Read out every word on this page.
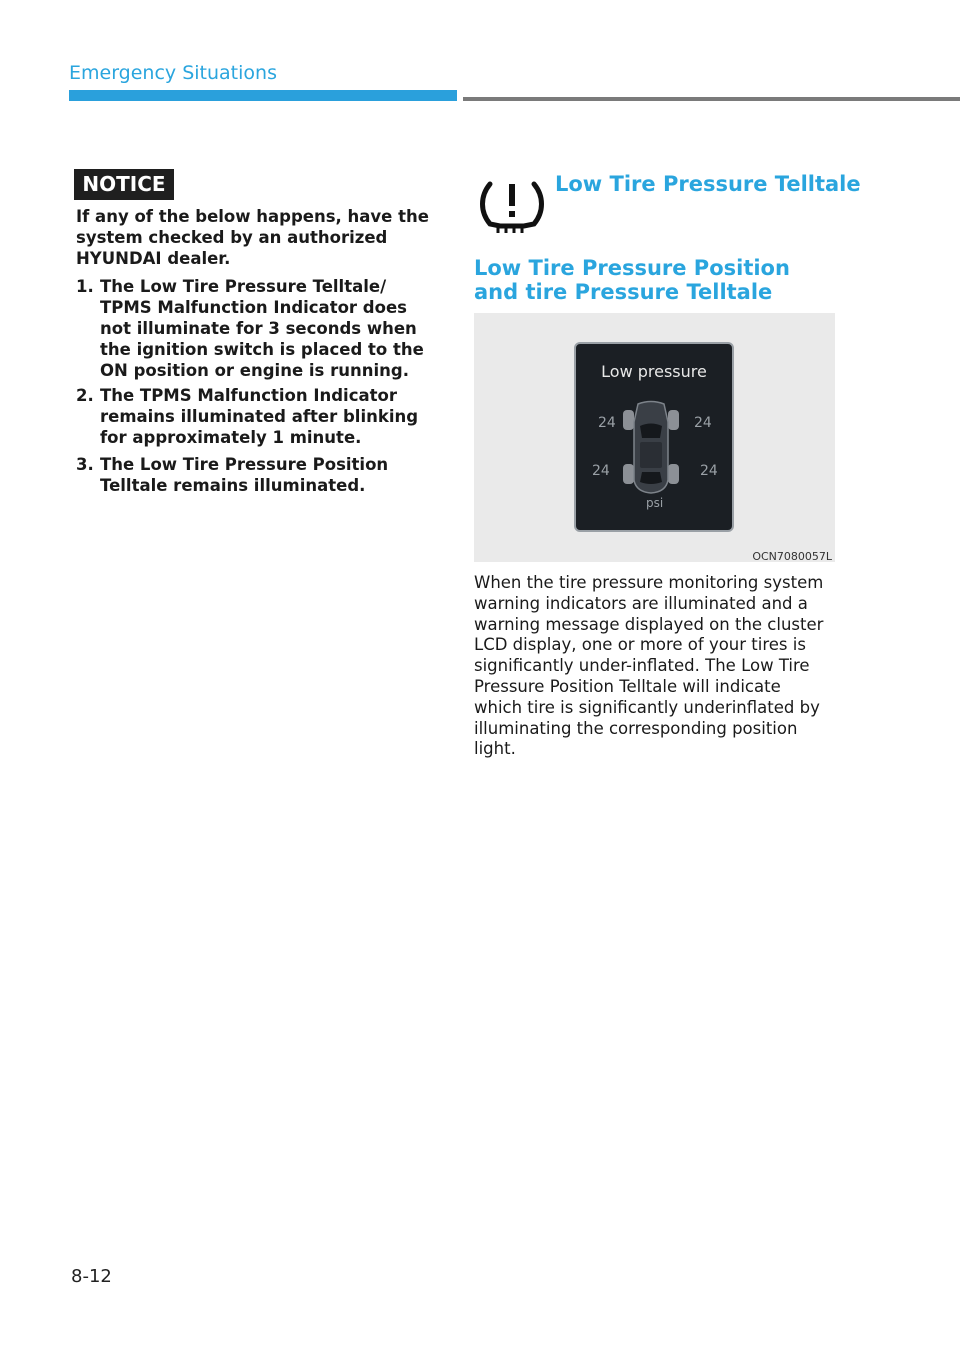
Emergency Situations
NOTICE
If any of the below happens, have the system checked by an authorized HYUNDAI dealer.
1. The Low Tire Pressure Telltale/ TPMS Malfunction Indicator does not illuminate for 3 seconds when the ignition switch is placed to the ON position or engine is running.
2. The TPMS Malfunction Indicator remains illuminated after blinking for approximately 1 minute.
3. The Low Tire Pressure Position Telltale remains illuminated.
Low Tire Pressure Telltale
Low Tire Pressure Position and tire Pressure Telltale
Low pressure
24	24
24	24
psi
OCN7080057L
When the tire pressure monitoring system warning indicators are illuminated and a warning message displayed on the cluster LCD display, one or more of your tires is significantly under-inflated. The Low Tire Pressure Position Telltale will indicate which tire is significantly underinflated by illuminating the corresponding position light.
8-12
